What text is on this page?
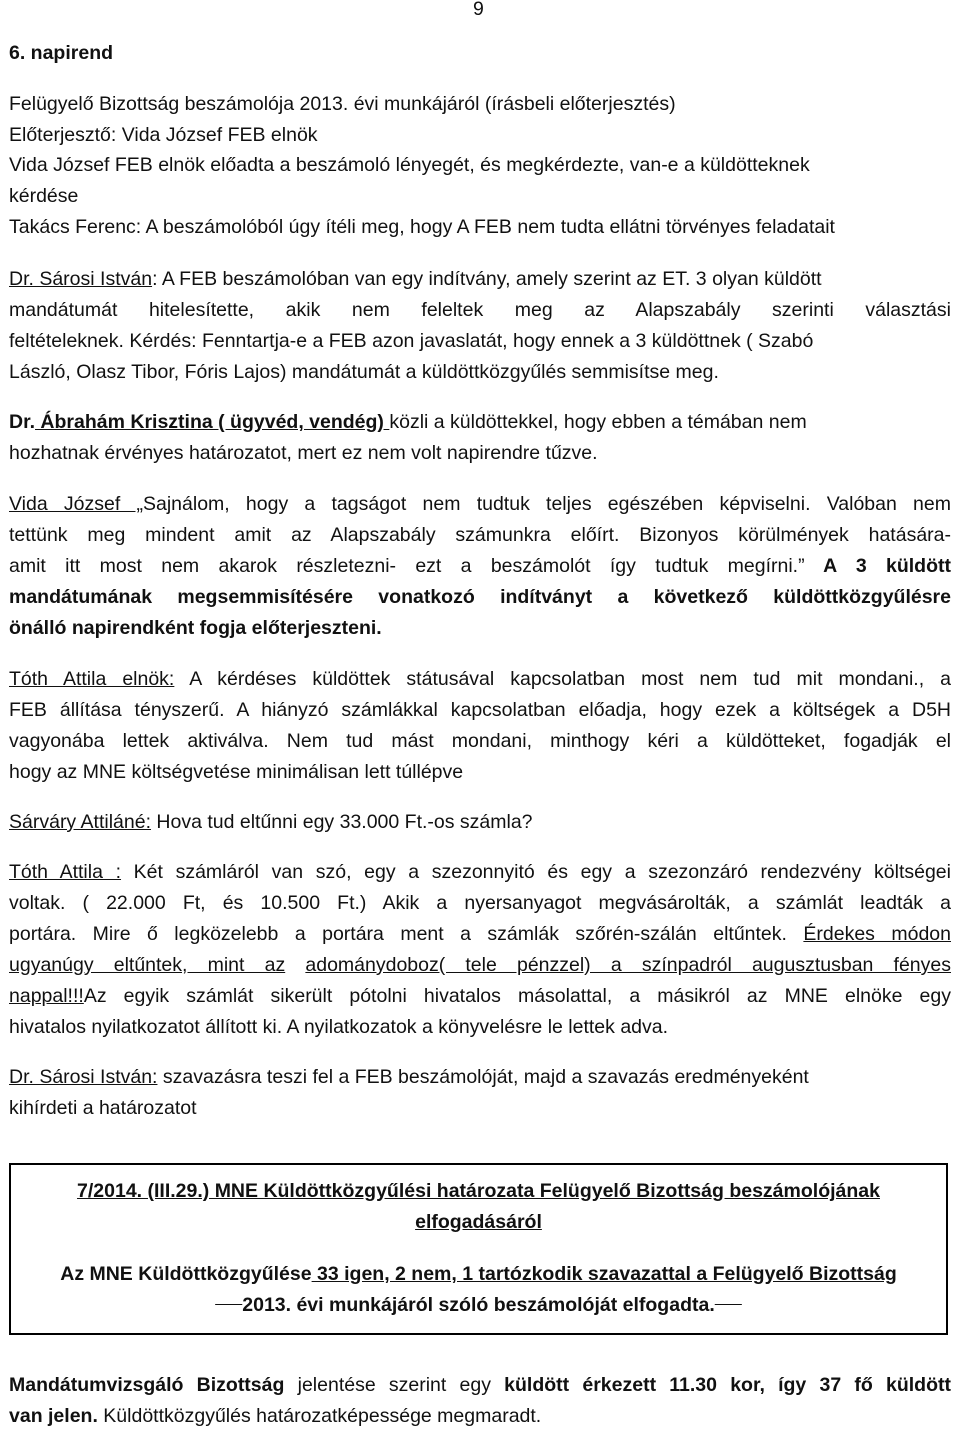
9
6. napirend
Felügyelő Bizottság beszámolója 2013. évi munkájáról (írásbeli előterjesztés)
Előterjesztő: Vida József FEB elnök
Vida József FEB elnök előadta a beszámoló lényegét, és megkérdezte, van-e a küldötteknek
kérdése
Takács Ferenc: A beszámolóból úgy ítéli meg, hogy A FEB nem tudta ellátni törvényes feladatait
Dr. Sárosi István: A FEB beszámolóban van egy indítvány, amely szerint az ET. 3 olyan küldött
mandátumát hitelesítette, akik nem feleltek meg az Alapszabály szerinti választási
feltételeknek. Kérdés: Fenntartja-e a FEB azon javaslatát, hogy ennek a 3 küldöttnek ( Szabó
László, Olasz Tibor, Fóris Lajos) mandátumát a küldöttközgyűlés semmisítse meg.
Dr. Ábrahám Krisztina ( ügyvéd, vendég) közli a küldöttekkel, hogy ebben a témában nem
hozhatnak érvényes határozatot, mert ez nem volt napirendre tűzve.
Vida József „Sajnálom, hogy a tagságot nem tudtuk teljes egészében képviselni. Valóban nem
tettünk meg mindent amit az Alapszabály számunkra előírt. Bizonyos körülmények hatására-
amit itt most nem akarok részletezni- ezt a beszámolót így tudtuk megírni.” A 3 küldött
mandátumának megsemmisítésére vonatkozó indítványt a következő küldöttközgyűlésre
önálló napirendként fogja előterjeszteni.
Tóth Attila elnök: A kérdéses küldöttek státusával kapcsolatban most nem tud mit mondani., a
FEB állítása tényszerű. A hiányzó számlákkal kapcsolatban előadja, hogy ezek a költségek a D5H
vagyonába lettek aktiválva. Nem tud mást mondani, minthogy kéri a küldötteket, fogadják el
hogy az MNE költségvetése minimálisan lett túllépve
Sárváry Attiláné: Hova tud eltűnni egy 33.000 Ft.-os számla?
Tóth Attila : Két számláról van szó, egy a szezonnyitó és egy a szezonzáró rendezvény költségei
voltak. ( 22.000 Ft, és 10.500 Ft.) Akik a nyersanyagot megvásárolták, a számlát leadták a
portára. Mire ő legközelebb a portára ment a számlák szőrén-szálán eltűntek. Érdekes módon
ugyanúgy eltűntek, mint az adománydoboz( tele pénzzel) a színpadról augusztusban fényes
nappal!!!Az egyik számlát sikerült pótolni hivatalos másolattal, a másikról az MNE elnöke egy
hivatalos nyilatkozatot állított ki. A nyilatkozatok a könyvelésre le lettek adva.
Dr. Sárosi István: szavazásra teszi fel a FEB beszámolóját, majd a szavazás eredményeként
kihírdeti a határozatot
7/2014. (III.29.) MNE Küldöttközgyűlési határozata Felügyelő Bizottság beszámolójának
elfogadásáról
Az MNE Küldöttközgyűlése 33 igen, 2 nem, 1 tartózkodik szavazattal a Felügyelő Bizottság
2013. évi munkájáról szóló beszámolóját elfogadta.
Mandátumvizsgáló Bizottság jelentése szerint egy küldött érkezett 11.30 kor, így 37 fő küldött
van jelen. Küldöttközgyűlés határozatképessége megmaradt.
